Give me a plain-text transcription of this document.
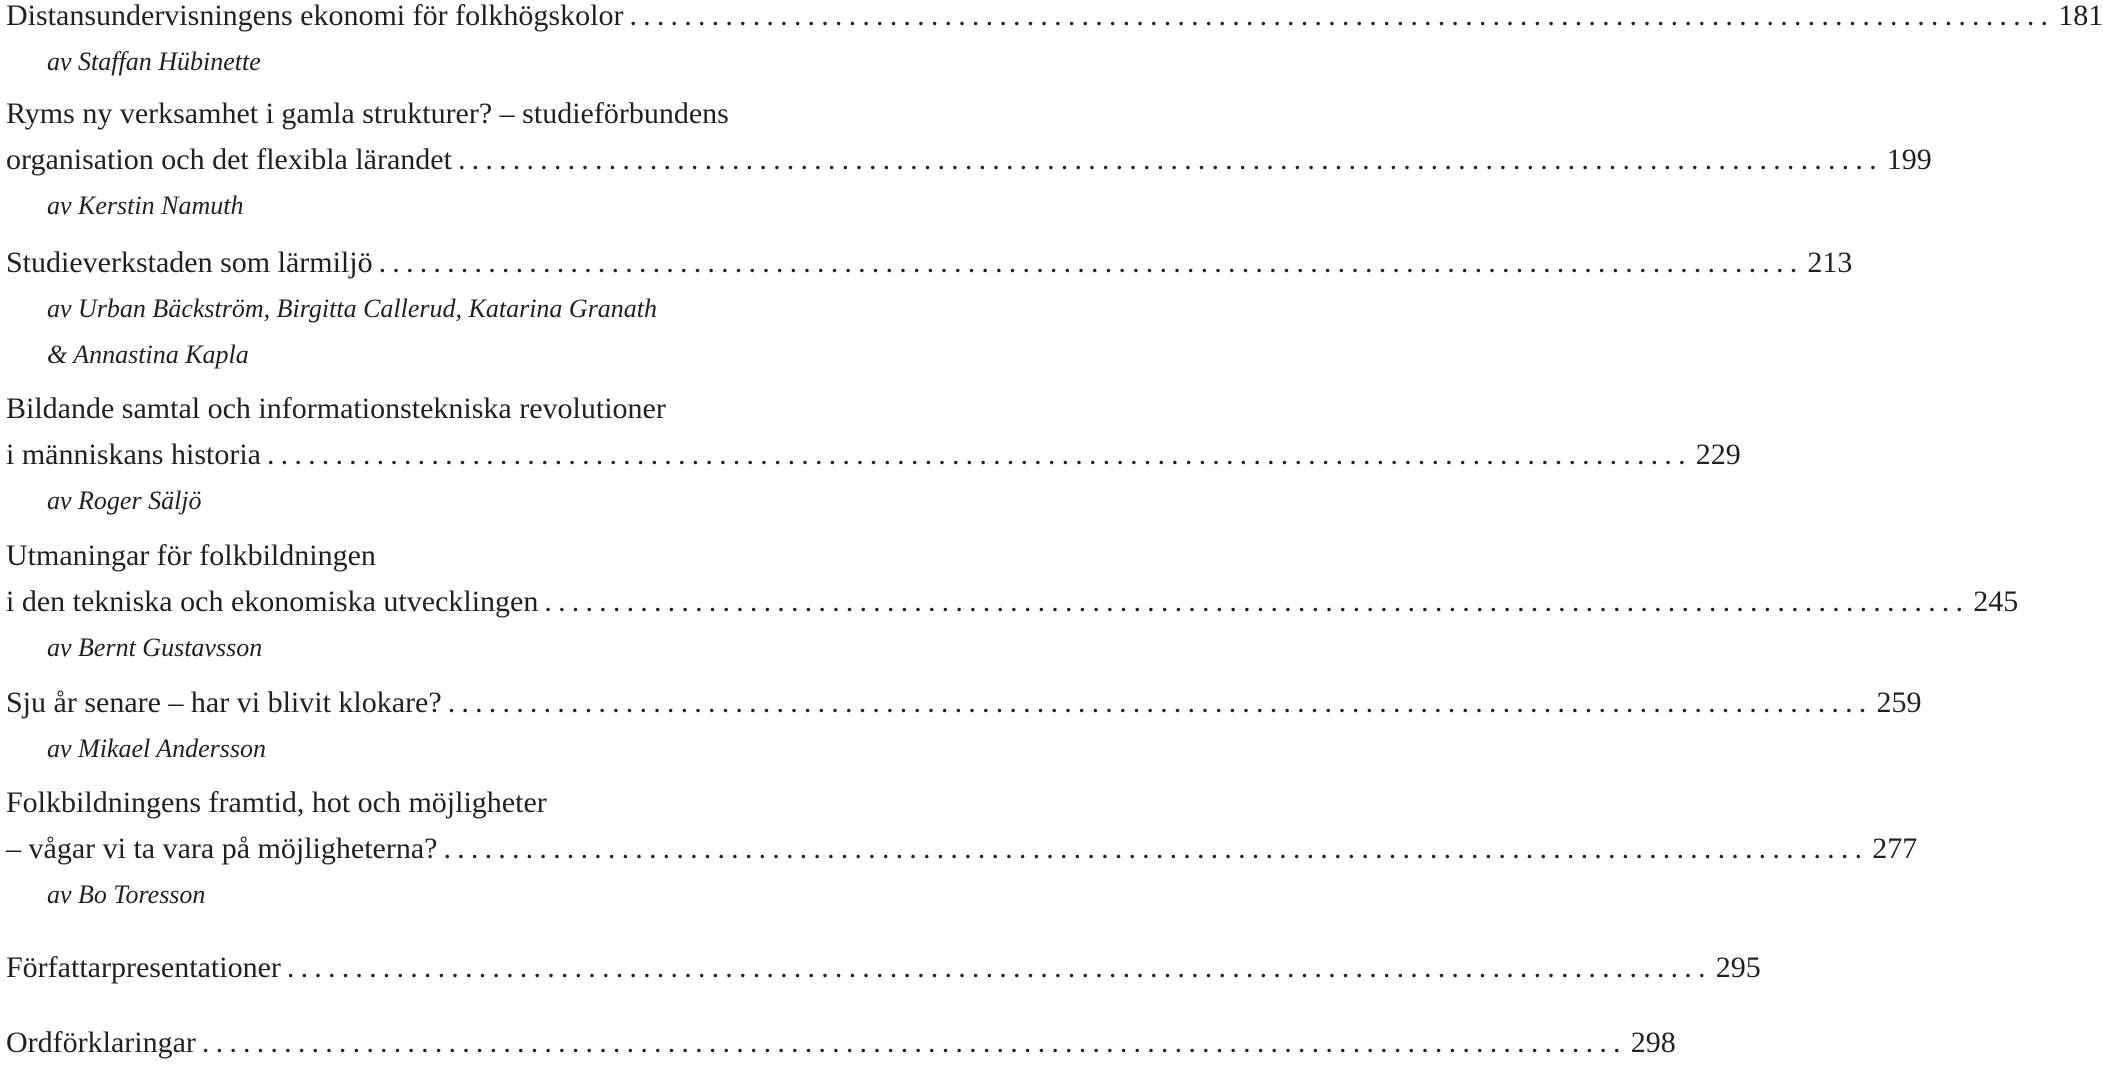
Distansundervisningens ekonomi för folkhögskolor ........................................................................................................ 181
av Staffan Hübinette
Ryms ny verksamhet i gamla strukturer? – studieförbundens
organisation och det flexibla lärandet ........................................................................................................ 199
av Kerstin Namuth
Studieverkstaden som lärmiljö ........................................................................................................ 213
av Urban Bäckström, Birgitta Callerud, Katarina Granath
& Annastina Kapla
Bildande samtal och informationstekniska revolutioner
i människans historia ........................................................................................................ 229
av Roger Säljö
Utmaningar för folkbildningen
i den tekniska och ekonomiska utvecklingen ........................................................................................................ 245
av Bernt Gustavsson
Sju år senare – har vi blivit klokare? ........................................................................................................ 259
av Mikael Andersson
Folkbildningens framtid, hot och möjligheter
– vågar vi ta vara på möjligheterna? ........................................................................................................ 277
av Bo Toresson
Författarpresentationer ........................................................................................................ 295
Ordförklaringar ........................................................................................................ 298
